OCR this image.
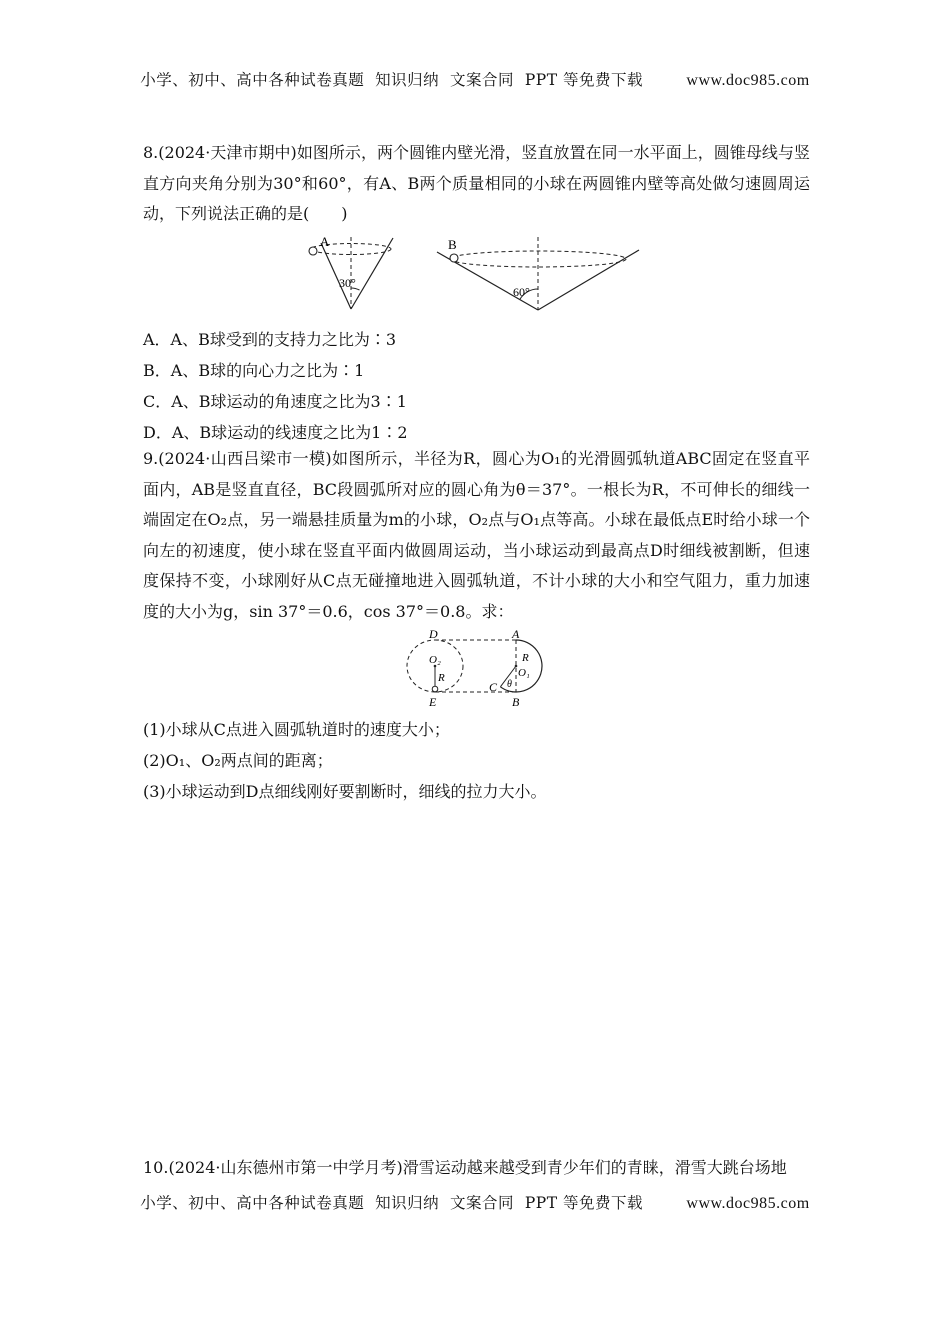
小学、初中、高中各种试卷真题  知识归纳  文案合同  PPT 等免费下载	www.doc985.com
8.(2024·天津市期中)如图所示，两个圆锥内壁光滑，竖直放置在同一水平面上，圆锥母线与竖直方向夹角分别为30°和60°，有A、B两个质量相同的小球在两圆锥内壁等高处做匀速圆周运动，下列说法正确的是(　　)
A
30°
B
60°
A．A、B球受到的支持力之比为∶3
B．A、B球的向心力之比为∶1
C．A、B球运动的角速度之比为3∶1
D．A、B球运动的线速度之比为1∶2
9.(2024·山西吕梁市一模)如图所示，半径为R，圆心为O₁的光滑圆弧轨道ABC固定在竖直平面内，AB是竖直直径，BC段圆弧所对应的圆心角为θ＝37°。一根长为R，不可伸长的细线一端固定在O₂点，另一端悬挂质量为m的小球，O₂点与O₁点等高。小球在最低点E时给小球一个向左的初速度，使小球在竖直平面内做圆周运动，当小球运动到最高点D时细线被割断，但速度保持不变，小球刚好从C点无碰撞地进入圆弧轨道，不计小球的大小和空气阻力，重力加速度的大小为g，sin 37°＝0.6，cos 37°＝0.8。求：
D	A
O₂
R
R
O₁
C θ
E	B
(1)小球从C点进入圆弧轨道时的速度大小；
(2)O₁、O₂两点间的距离；
(3)小球运动到D点细线刚好要割断时，细线的拉力大小。
10.(2024·山东德州市第一中学月考)滑雪运动越来越受到青少年们的青睐，滑雪大跳台场地
小学、初中、高中各种试卷真题  知识归纳  文案合同  PPT 等免费下载	www.doc985.com
